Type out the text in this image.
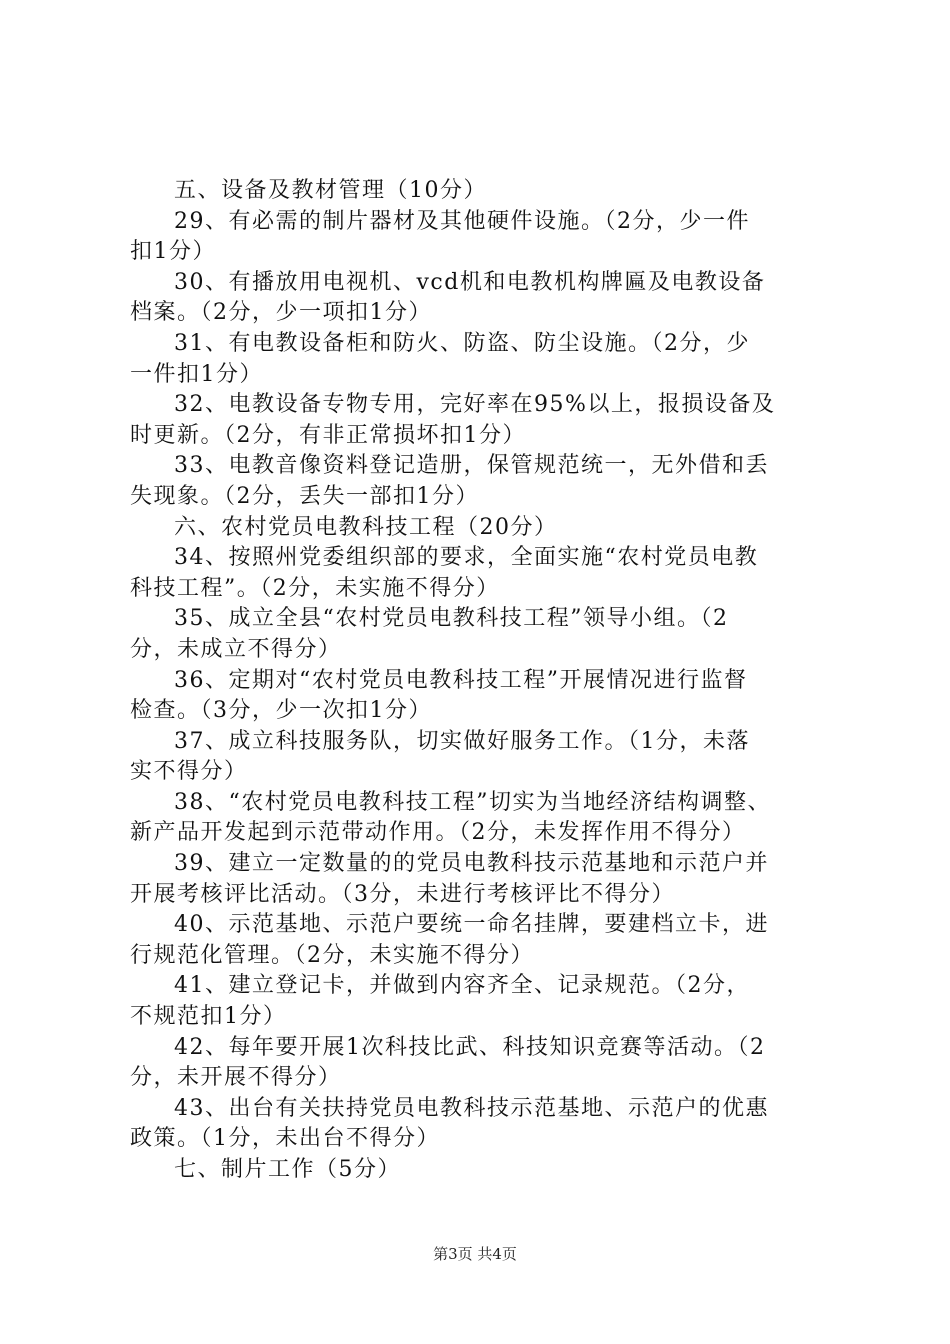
五、设备及教材管理（10分）
29、有必需的制片器材及其他硬件设施。（2分，少一件
扣1分）
30、有播放用电视机、vcd机和电教机构牌匾及电教设备
档案。（2分，少一项扣1分）
31、有电教设备柜和防火、防盗、防尘设施。（2分，少
一件扣1分）
32、电教设备专物专用，完好率在95%以上，报损设备及
时更新。（2分，有非正常损坏扣1分）
33、电教音像资料登记造册，保管规范统一，无外借和丢
失现象。（2分，丢失一部扣1分）
六、农村党员电教科技工程（20分）
34、按照州党委组织部的要求，全面实施“农村党员电教
科技工程”。（2分，未实施不得分）
35、成立全县“农村党员电教科技工程”领导小组。（2
分，未成立不得分）
36、定期对“农村党员电教科技工程”开展情况进行监督
检查。（3分，少一次扣1分）
37、成立科技服务队，切实做好服务工作。（1分，未落
实不得分）
38、“农村党员电教科技工程”切实为当地经济结构调整、
新产品开发起到示范带动作用。（2分，未发挥作用不得分）
39、建立一定数量的的党员电教科技示范基地和示范户并
开展考核评比活动。（3分，未进行考核评比不得分）
40、示范基地、示范户要统一命名挂牌，要建档立卡，进
行规范化管理。（2分，未实施不得分）
41、建立登记卡，并做到内容齐全、记录规范。（2分，
不规范扣1分）
42、每年要开展1次科技比武、科技知识竞赛等活动。（2
分，未开展不得分）
43、出台有关扶持党员电教科技示范基地、示范户的优惠
政策。（1分，未出台不得分）
七、制片工作（5分）
第3页 共4页
